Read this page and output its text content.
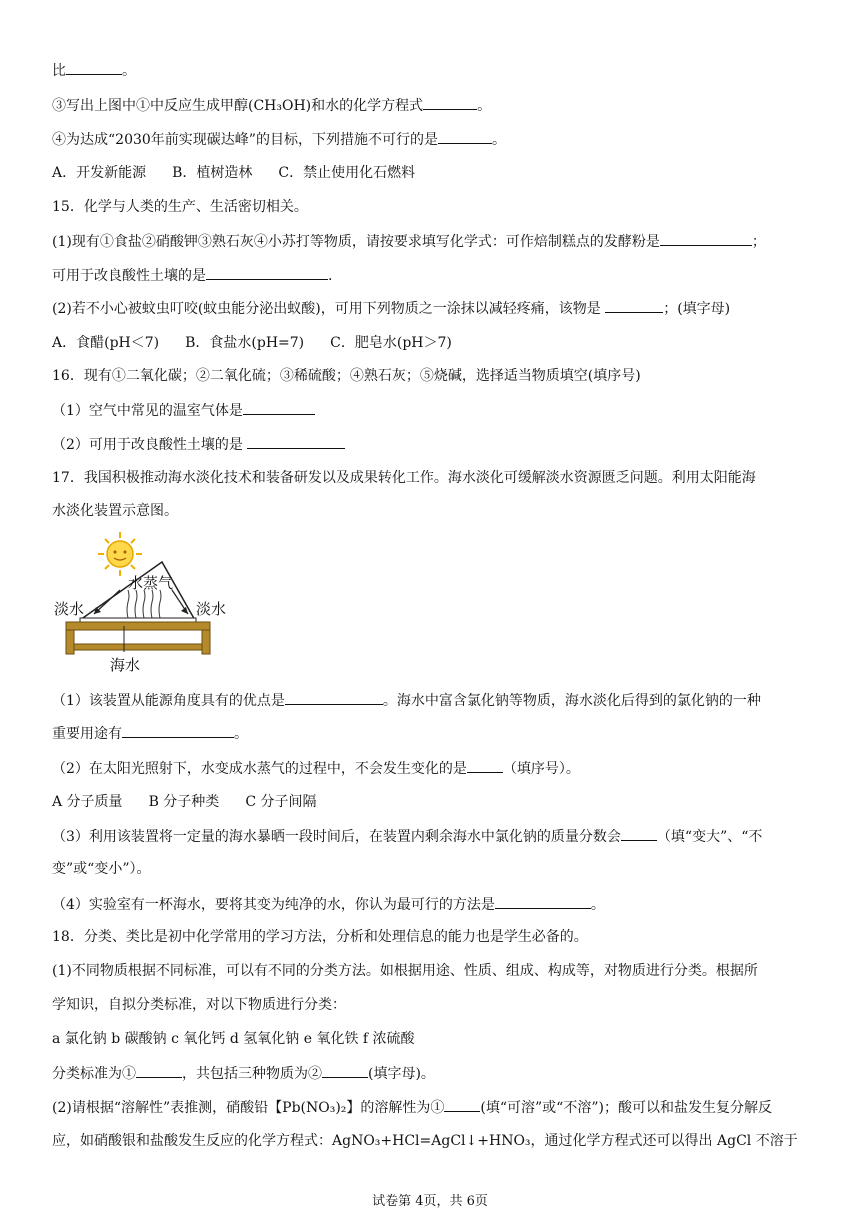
比	。
③写出上图中①中反应生成甲醇(CH₃OH)和水的化学方程式	。
④为达成“2030年前实现碳达峰”的目标，下列措施不可行的是	。
A．开发新能源 B．植树造林 C．禁止使用化石燃料
15．化学与人类的生产、生活密切相关。
(1)现有①食盐②硝酸钾③熟石灰④小苏打等物质，请按要求填写化学式：可作焙制糕点的发酵粉是	；
可用于改良酸性土壤的是	.
(2)若不小心被蚊虫叮咬(蚊虫能分泌出蚁酸)，可用下列物质之一涂抹以减轻疼痛，该物是	；(填字母)
A．食醋(pH＜7) B．食盐水(pH=7) C．肥皂水(pH＞7)
16．现有①二氧化碳；②二氧化硫；③稀硫酸；④熟石灰；⑤烧碱，选择适当物质填空(填序号)
（1）空气中常见的温室气体是
（2）可用于改良酸性土壤的是
17．我国积极推动海水淡化技术和装备研发以及成果转化工作。海水淡化可缓解淡水资源匮乏问题。利用太阳能海
水淡化装置示意图。
淡水	淡水
水蒸气
海水
（1）该装置从能源角度具有的优点是	。海水中富含氯化钠等物质，海水淡化后得到的氯化钠的一种
重要用途有	。
（2）在太阳光照射下，水变成水蒸气的过程中，不会发生变化的是	（填序号）。
A 分子质量 B 分子种类 C 分子间隔
（3）利用该装置将一定量的海水暴晒一段时间后，在装置内剩余海水中氯化钠的质量分数会	（填“变大”、“不
变”或“变小”）。
（4）实验室有一杯海水，要将其变为纯净的水，你认为最可行的方法是	。
18．分类、类比是初中化学常用的学习方法，分析和处理信息的能力也是学生必备的。
(1)不同物质根据不同标准，可以有不同的分类方法。如根据用途、性质、组成、构成等，对物质进行分类。根据所
学知识，自拟分类标准，对以下物质进行分类：
a 氯化钠 b 碳酸钠 c 氧化钙 d 氢氧化钠 e 氧化铁 f 浓硫酸
分类标准为①	，共包括三种物质为②	(填字母)。
(2)请根据“溶解性”表推测，硝酸铅【Pb(NO₃)₂】的溶解性为①	(填“可溶”或“不溶”)；酸可以和盐发生复分解反
应，如硝酸银和盐酸发生反应的化学方程式：AgNO₃+HCl=AgCl↓+HNO₃，通过化学方程式还可以得出 AgCl 不溶于
试卷第 4页，共 6页
